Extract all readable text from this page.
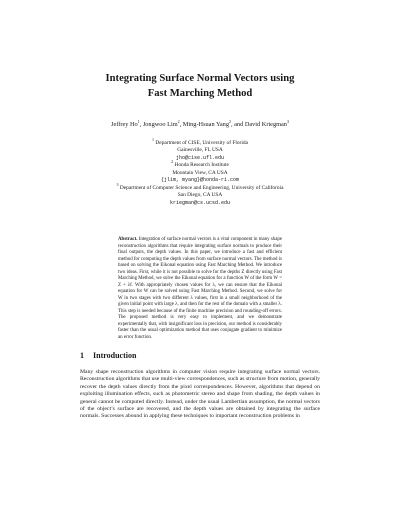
Integrating Surface Normal Vectors using
Fast Marching Method
Jeffrey Ho$^1$, Jongwoo Lim$^2$, Ming-Hsuan Yang$^2$, and David Kriegman$^3$
$^1$ Department of CISE, University of Florida
Gainesville, FL USA
jho@cise.ufl.edu
$^2$ Honda Research Institute
Mountain View, CA USA
{jlim, myang}@honda-ri.com
$^3$ Department of Computer Science and Engineering, University of California
San Diego, CA USA
kriegman@cs.ucsd.edu
Abstract. Integration of surface normal vectors is a vital component in many shape reconstruction algorithms that require integrating surface normals to produce their final outputs, the depth values. In this paper, we introduce a fast and efficient method for computing the depth values from surface normal vectors. The method is based on solving the Eikonal equation using Fast Marching Method. We introduce two ideas. First, while it is not possible to solve for the depths Z directly using Fast Marching Method, we solve the Eikonal equation for a function W of the form W = Z + λf. With appropriately chosen values for λ, we can ensure that the Eikonal equation for W can be solved using Fast Marching Method. Second, we solve for W in two stages with two different λ values, first in a small neighborhood of the given initial point with large λ, and then for the rest of the domain with a smaller λ. This step is needed because of the finite machine precision and rounding-off errors. The proposed method is very easy to implement, and we demonstrate experimentally that, with insignificant loss in precision, our method is considerably faster than the usual optimization method that uses conjugate gradient to minimize an error function.
1 Introduction
Many shape reconstruction algorithms in computer vision require integrating surface normal vectors. Reconstruction algorithms that use multi-view correspondences, such as structure from motion, generally recover the depth values directly from the pixel correspondences. However, algorithms that depend on exploiting illumination effects, such as photometric stereo and shape from shading, the depth values in general cannot be computed directly. Instead, under the usual Lambertian assumption, the normal vectors of the object’s surface are recovered, and the depth values are obtained by integrating the surface normals. Successes abound in applying these techniques to important reconstruction problems in
